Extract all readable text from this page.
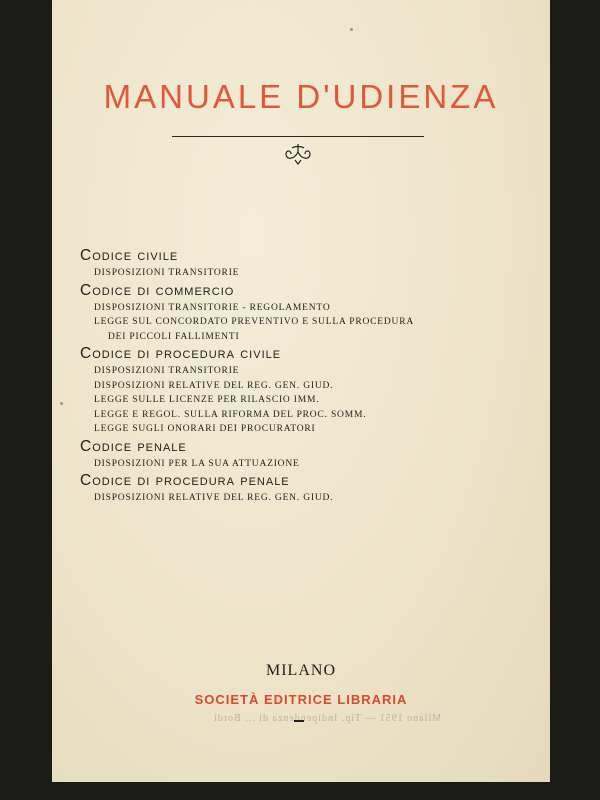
MANUALE D'UDIENZA
Codice civile
DISPOSIZIONI TRANSITORIE
Codice di commercio
DISPOSIZIONI TRANSITORIE - REGOLAMENTO
LEGGE SUL CONCORDATO PREVENTIVO E SULLA PROCEDURA
DEI PICCOLI FALLIMENTI
Codice di procedura civile
DISPOSIZIONI TRANSITORIE
DISPOSIZIONI RELATIVE DEL REG. GEN. GIUD.
LEGGE SULLE LICENZE PER RILASCIO IMM.
LEGGE E REGOL. SULLA RIFORMA DEL PROC. SOMM.
LEGGE SUGLI ONORARI DEI PROCURATORI
Codice penale
DISPOSIZIONI PER LA SUA ATTUAZIONE
Codice di procedura penale
DISPOSIZIONI RELATIVE DEL REG. GEN. GIUD.
MILANO
SOCIETÀ EDITRICE LIBRARIA
Milano 1951 — Tip. Indipendenza di ... Bordi
